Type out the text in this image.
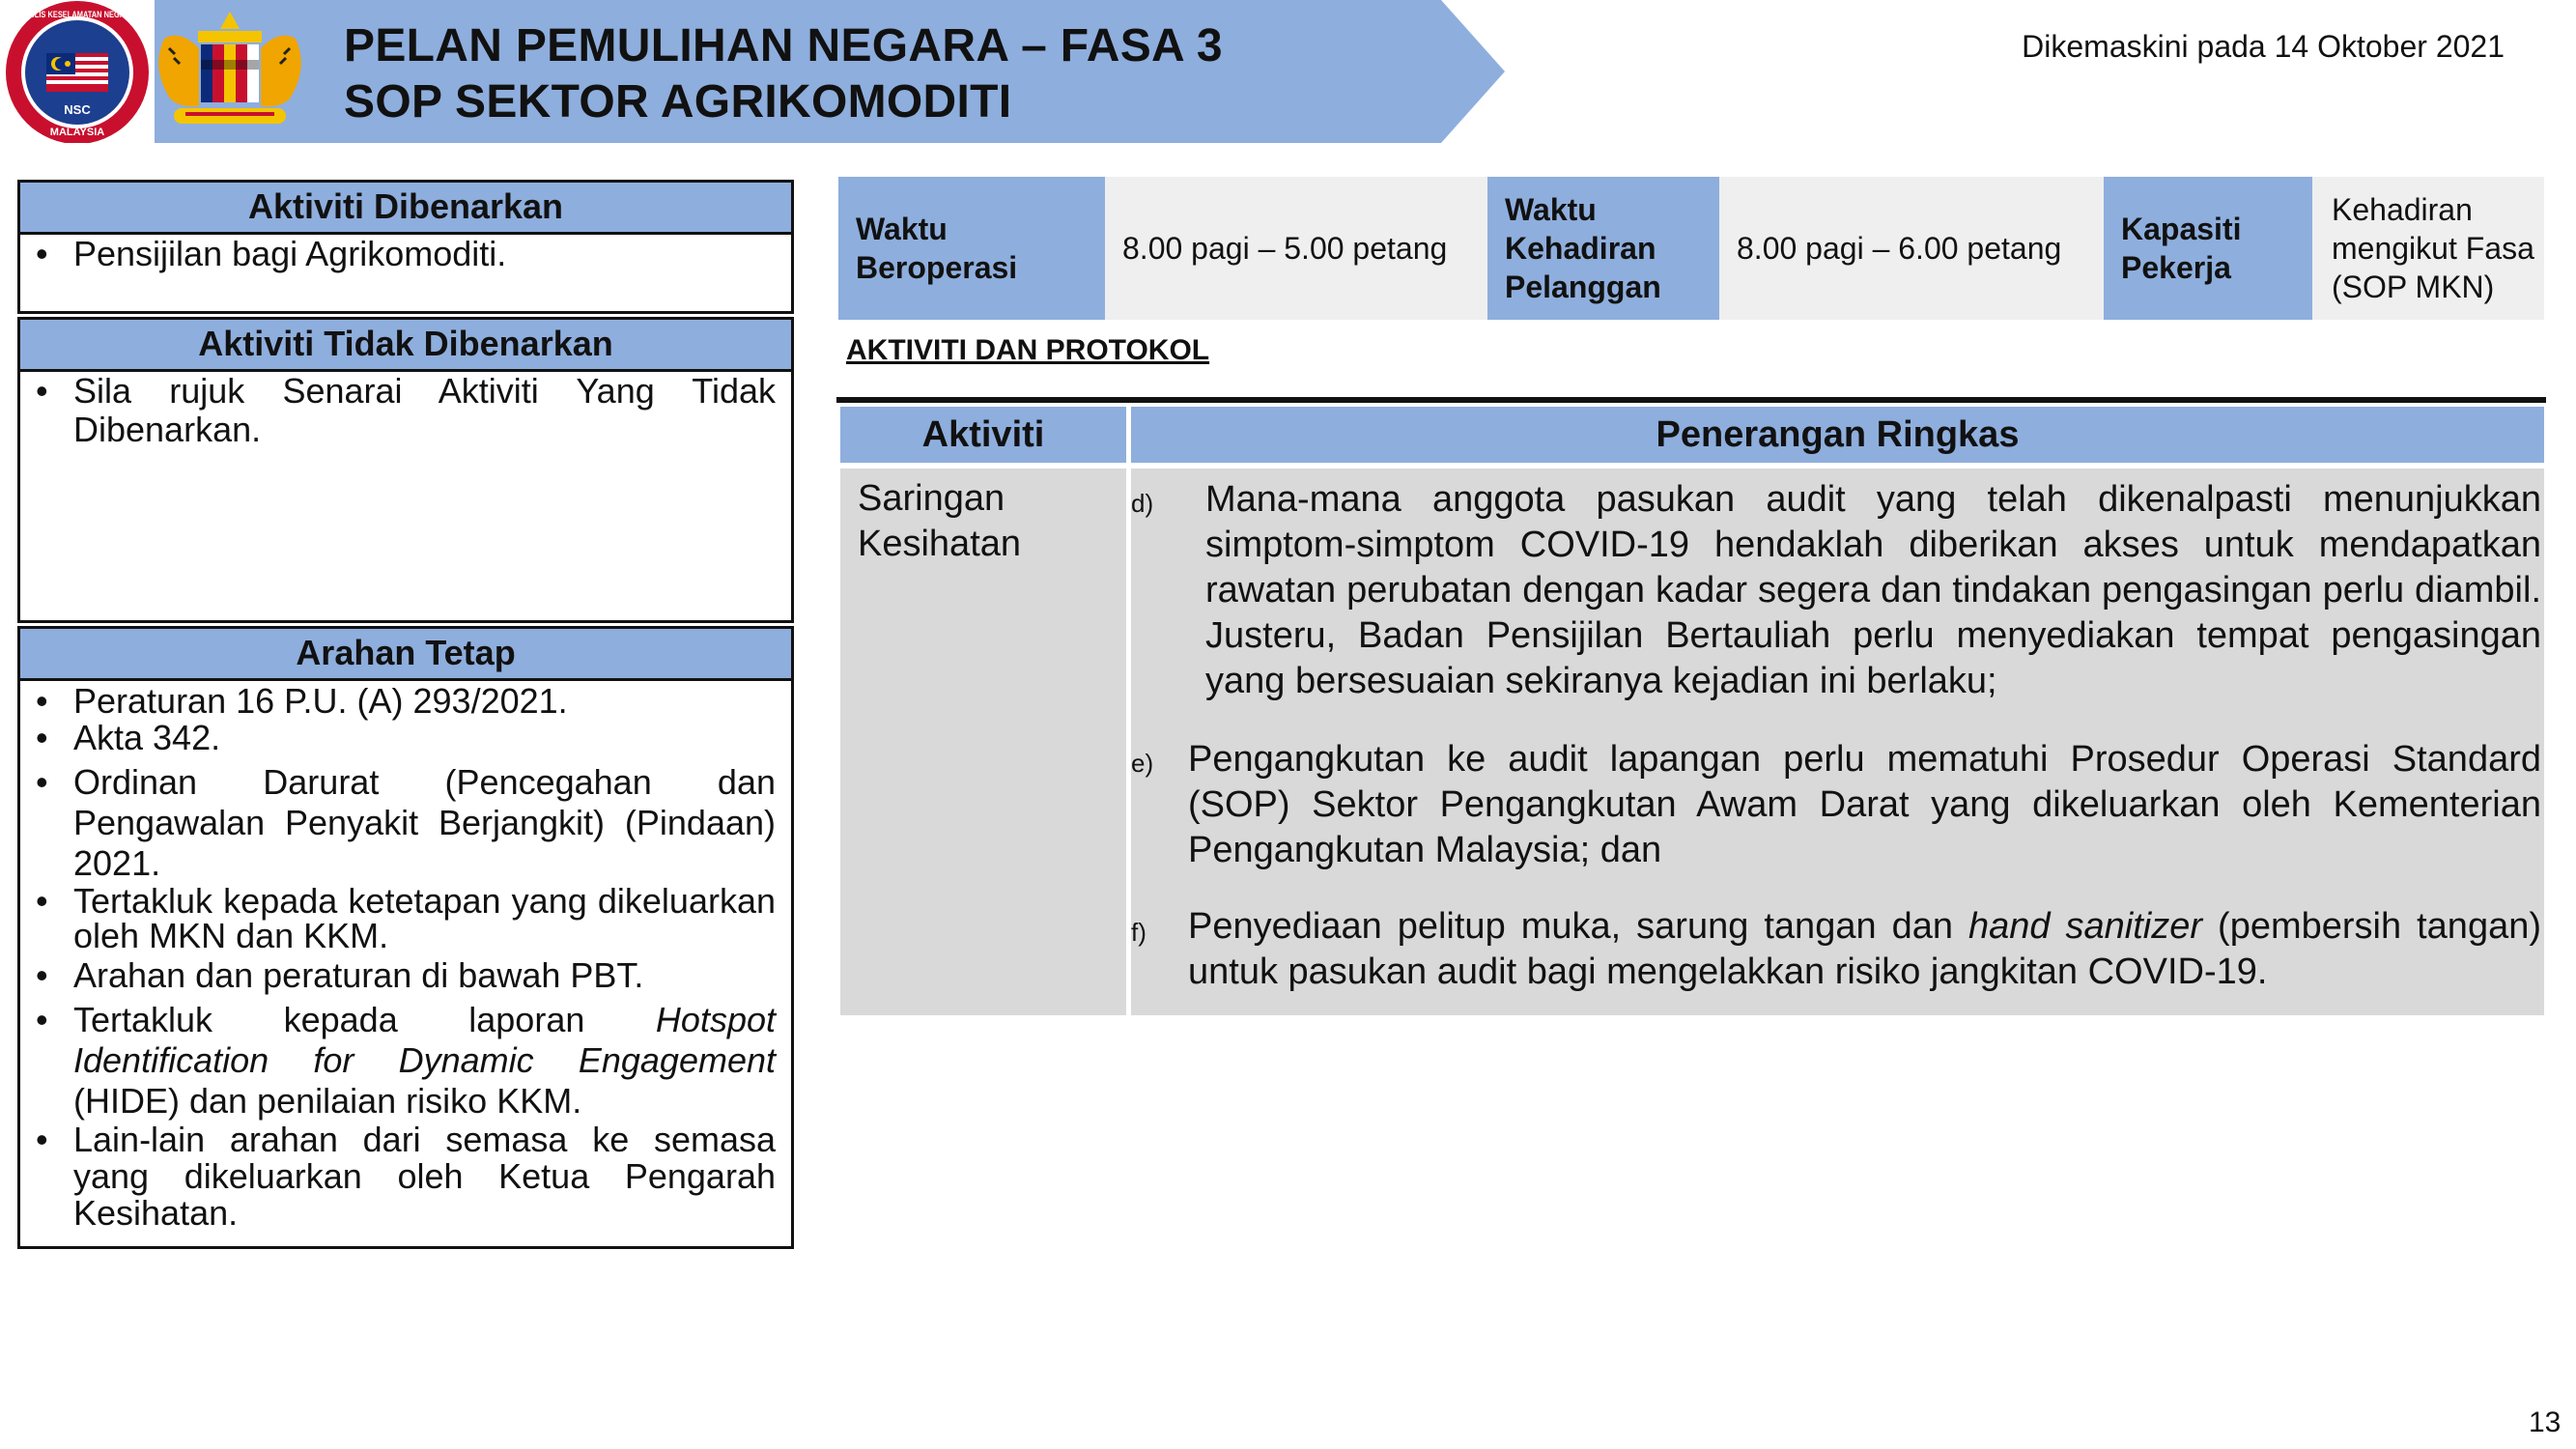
NSC
MALAYSIA
MAJLIS KESELAMATAN NEGARA
PELAN PEMULIHAN NEGARA – FASA 3
SOP SEKTOR AGRIKOMODITI
Dikemaskini pada 14 Oktober 2021
Aktiviti Dibenarkan
• Pensijilan bagi Agrikomoditi.
Aktiviti Tidak Dibenarkan
• Sila rujuk Senarai Aktiviti Yang Tidak Dibenarkan.
Arahan Tetap
• Peraturan 16 P.U. (A) 293/2021.
• Akta 342.
• Ordinan Darurat (Pencegahan dan Pengawalan Penyakit Berjangkit) (Pindaan) 2021.
• Tertakluk kepada ketetapan yang dikeluarkan oleh MKN dan KKM.
• Arahan dan peraturan di bawah PBT.
• Tertakluk kepada laporan Hotspot Identification for Dynamic Engagement (HIDE) dan penilaian risiko KKM.
• Lain-lain arahan dari semasa ke semasa yang dikeluarkan oleh Ketua Pengarah Kesihatan.
Waktu Beroperasi
8.00 pagi – 5.00 petang
Waktu Kehadiran Pelanggan
8.00 pagi – 6.00 petang
Kapasiti Pekerja
Kehadiran mengikut Fasa (SOP MKN)
AKTIVITI DAN PROTOKOL
Aktiviti	Penerangan Ringkas
Saringan Kesihatan
d) Mana-mana anggota pasukan audit yang telah dikenalpasti menunjukkan simptom-simptom COVID-19 hendaklah diberikan akses untuk mendapatkan rawatan perubatan dengan kadar segera dan tindakan pengasingan perlu diambil. Justeru, Badan Pensijilan Bertauliah perlu menyediakan tempat pengasingan yang bersesuaian sekiranya kejadian ini berlaku;
e) Pengangkutan ke audit lapangan perlu mematuhi Prosedur Operasi Standard (SOP) Sektor Pengangkutan Awam Darat yang dikeluarkan oleh Kementerian Pengangkutan Malaysia; dan
f) Penyediaan pelitup muka, sarung tangan dan hand sanitizer (pembersih tangan) untuk pasukan audit bagi mengelakkan risiko jangkitan COVID-19.
13
